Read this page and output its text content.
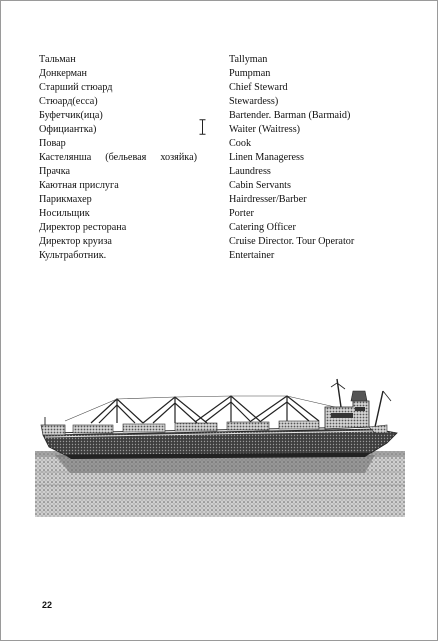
Тальман	Tallyman
Донкерман	Pumpman
Старший стюард	Chief Steward
Стюард(есса)	Stewardess)
Буфетчик(ица)	Bartender. Barman (Barmaid)
Официантка)	Waiter (Waitress)
Повар	Cook
Кастелянша (бельевая хозяйка)	Linen Manageress
Прачка	Laundress
Каютная прислуга	Cabin Servants
Парикмахер	Hairdresser/Barber
Носильщик	Porter
Директор ресторана	Catering Officer
Директор круиза	Cruise Director. Tour Operator
Культработник.	Entertainer
22
